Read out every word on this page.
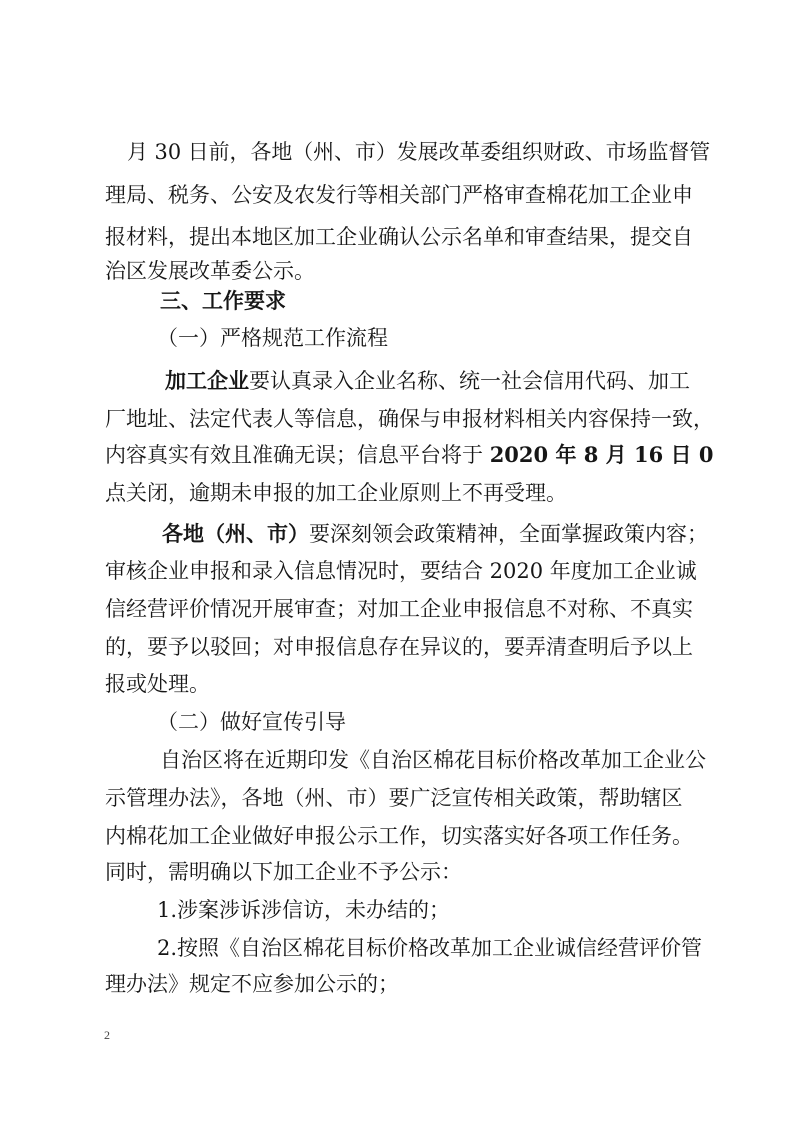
月 30 日前，各地（州、市）发展改革委组织财政、市场监督管
理局、税务、公安及农发行等相关部门严格审查棉花加工企业申
报材料，提出本地区加工企业确认公示名单和审查结果，提交自
治区发展改革委公示。
三、工作要求
（一）严格规范工作流程
加工企业要认真录入企业名称、统一社会信用代码、加工
厂地址、法定代表人等信息，确保与申报材料相关内容保持一致，
内容真实有效且准确无误；信息平台将于 2020 年 8 月 16 日 0
点关闭，逾期未申报的加工企业原则上不再受理。
各地（州、市）要深刻领会政策精神，全面掌握政策内容；
审核企业申报和录入信息情况时，要结合 2020 年度加工企业诚
信经营评价情况开展审查；对加工企业申报信息不对称、不真实
的，要予以驳回；对申报信息存在异议的，要弄清查明后予以上
报或处理。
（二）做好宣传引导
自治区将在近期印发《自治区棉花目标价格改革加工企业公
示管理办法》，各地（州、市）要广泛宣传相关政策，帮助辖区
内棉花加工企业做好申报公示工作，切实落实好各项工作任务。
同时，需明确以下加工企业不予公示：
1.涉案涉诉涉信访，未办结的；
2.按照《自治区棉花目标价格改革加工企业诚信经营评价管
理办法》规定不应参加公示的；
2
